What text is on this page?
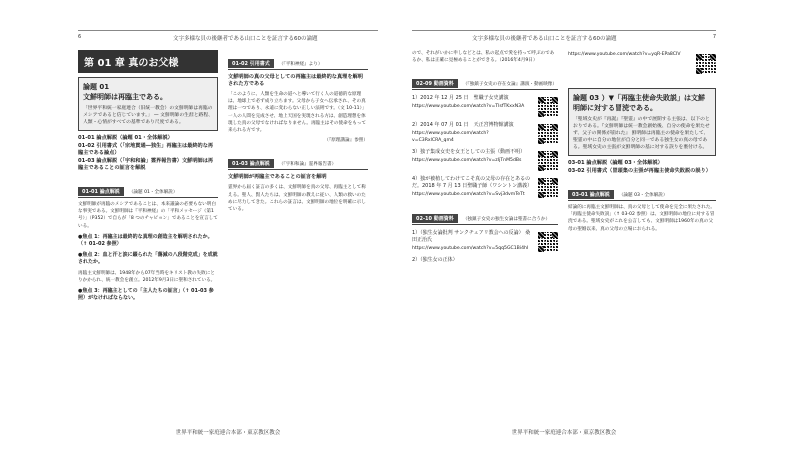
文字多様な貝の後継者である山口ことを証言する60の論題
6
第 01 章 真のお父様
論題 01
文鮮明師は再臨主である。
「世界平和統一家庭連合（旧統一教会）の文鮮明師は再臨のメシアであると信じています。」 — 文鮮明師の生涯と路程、人類・心情がすべての基準であり尺度である。
01-01 論点解説（論題 01・全体解説）
01-02 引用書式（「宗地貫通―独生」再臨主は最終的な再臨主である論点）
01-03 論点解説（「宇和和論」霊界報告書）文鮮明師は再臨主であることの証言を解説
01-01 論点解説 （論題 01・全体解説）
文鮮明師が再臨のメシアであることは、本来議論の必要もない明白な事実である。文鮮明師は『平和神経』の「平和メッセージ（第1号）」（P352）で自らが「8 つのチャピョン」であることを宣言している。
●焦点 1：再臨主は最終的な真理の創造主を解明されたか。（↑ 01-02 参照）
●焦点 2：血と汗と涙に綴られた「蕩減の八段階克成」を成就されたか。
再臨主文鮮明師は、1948年から07年当時をキリスト教の失敗にとりかかられ、統一教会を創立。2012年9月3日に聖和されている。
●焦点 3：再臨主としての「主人たちの証言」（↑ 01-03 参照）がなければならない。
01-02 引用書式 （『平和神経』より）
文鮮明師の真の父母としての再臨主は最終的な真理を解明された方である
「このように、人類を生命の道へと導いて行く人の道徳的な原理は、地球上で必ず成り立ちます。父母から子女へ伝承され、その真理は一つであり、永遠に変わらない正しい法則です。（文 10-11）」 一人の人間を完成させ、地上天国を実現される方は、創造理想を体現した真の父母でなければなりません。再臨主はその使命をもって来られる方です。
（『原理講論』参照）
01-03 論点解説 （『宇和和論』霊界報告書）
文鮮明師が再臨主であることの証言を解明
霊界から届く証言の多くは、文鮮明師を真の父母、再臨主として称える。聖人、賢人たちは、文鮮明師の教えに従い、人類の救いのために尽力してきた。これらの証言は、文鮮明師の地位を明確に示している。
世界平和統一家庭連合本部・東京教区教会
文字多様な貝の後継者である山口ことを証言する60の論題	7
ので、それがいかに申しなどとは、私の起点で愛を持って呼ぶのであるか、私は正確に見極めることができる。（2016年4月9日）
02-09 動画資料 （『独鎮子女史の存在女論』講演・動画映像）
1）2012 年 12 月 25 日　聖職子女史講演
https://www.youtube.com/watch?v=TIsfTKxxN3A
2）2014 年 07 月 01 日　天正宮博物館講演
https://www.youtube.com/watch?v=C3RxlCRA_qm4
3）独子集成女史を女王としての主張（動画不明）
https://www.youtube.com/watch?v=zIjTnM5dBs
4）独が被植してわけてこそ真の父母の存在とあるのだ。2018 年 7 月 13 日聖職子師（ワシントン講義）
https://www.youtube.com/watch?v=Svj3dvmTeTt
02-10 動画資料 （独鎮子女史の独生女論は聖書に合うか）
1）（独生女論批判 サンクチュアリ教会への反論） 桑田正治氏
https://www.youtube.com/watch?v=5qq5GC1Bi4hI
2）（独生女の正体）
https://www.youtube.com/watch?v=yqR-EPa8CIV
論題 03 ）▼「再臨主使命失敗説」は文鮮明師に対する冒涜である。
「聖域女史が『再誕』『聖霊』の中で展開する主張は、以下のとおりである。『文鮮明師は統一教会創始後、自分の使命を果たせず、父子の関係が崩れた』 鮮明師は再臨主の使命を果たして、聖霊の中に自分の地位が自分と同一である独生女の真の母である。聖域女史の主張が文鮮明師の基に対する誤りを裏付ける。
03-01 論点解説（論題 03・全体解説）
03-02 引用書式（冒頭集の主張が再臨主使命失敗説の誤り）
03-01 論点解説 （論題 03・全体解説）
結論的に再臨主文鮮明師は、真の父母として使命を完全に果たされた。「再臨主使命失敗説」（↑ 03-02 参照）は、文鮮明師の地位に対する冒涜である。聖域女史がこれを公言しても、文鮮明師は1960年の真の父母の聖婚以来、真の父母の立場におられる。
世界平和統一家庭連合本部・東京教区教会
